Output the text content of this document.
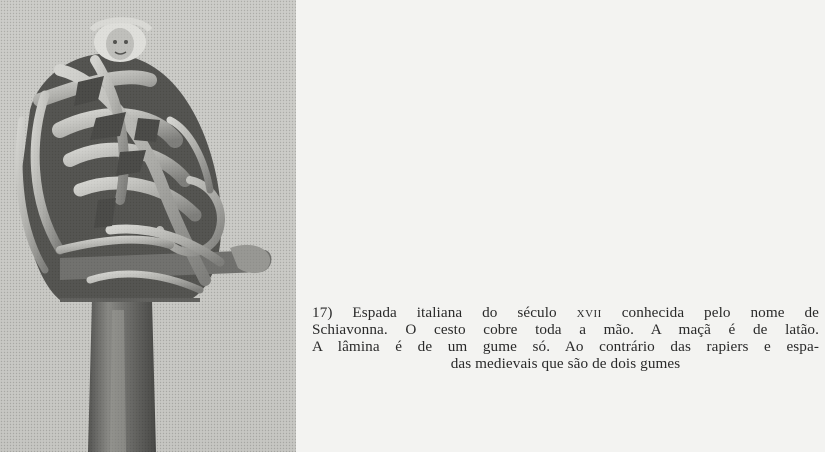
17) Espada italiana do século xvii conhecida pelo nome de
Schiavonna. O cesto cobre toda a mão. A maçã é de latão.
A lâmina é de um gume só. Ao contrário das rapiers e espa-
das medievais que são de dois gumes
